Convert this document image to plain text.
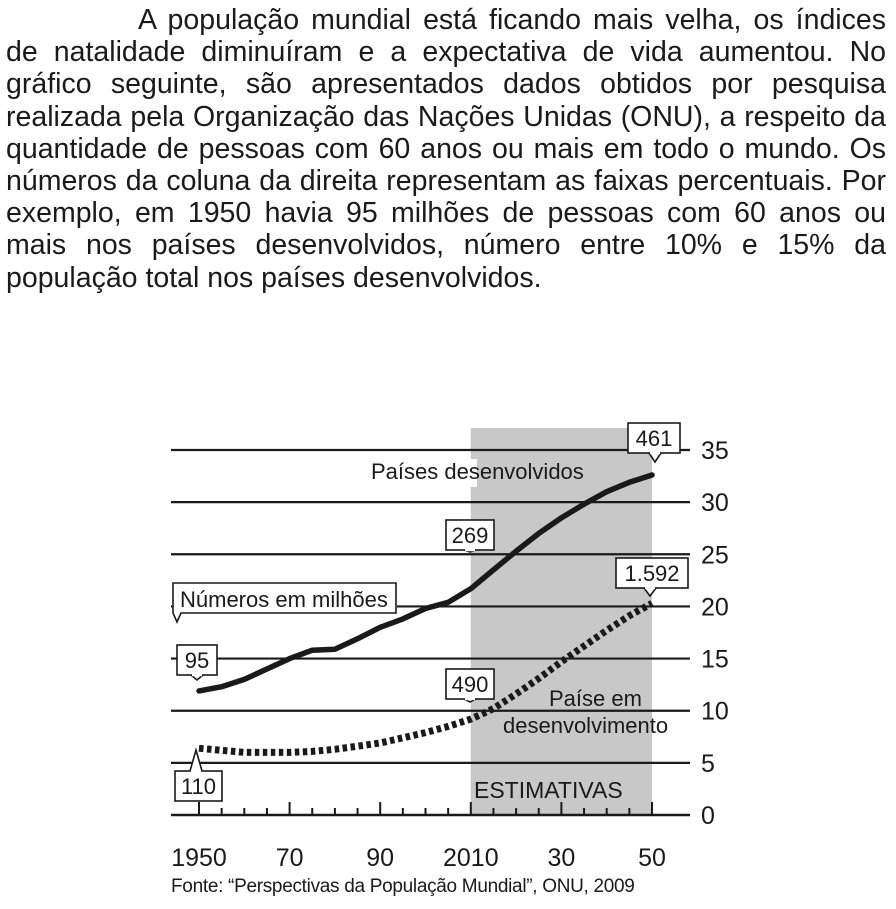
A população mundial está ficando mais velha, os índices de natalidade diminuíram e a expectativa de vida aumentou. No gráfico seguinte, são apresentados dados obtidos por pesquisa realizada pela Organização das Nações Unidas (ONU), a respeito da quantidade de pessoas com 60 anos ou mais em todo o mundo. Os números da coluna da direita representam as faixas percentuais. Por exemplo, em 1950 havia 95 milhões de pessoas com 60 anos ou mais nos países desenvolvidos, número entre 10% e 15% da população total nos países desenvolvidos.

0
5
10
15
20
25
30
35
1950 70	90 2010 30	50
Números em milhões
Países desenvolvidos
Paíse em
desenvolvimento
ESTIMATIVAS
95
269
461
110
490
1.592
Fonte: “Perspectivas da População Mundial”, ONU, 2009
